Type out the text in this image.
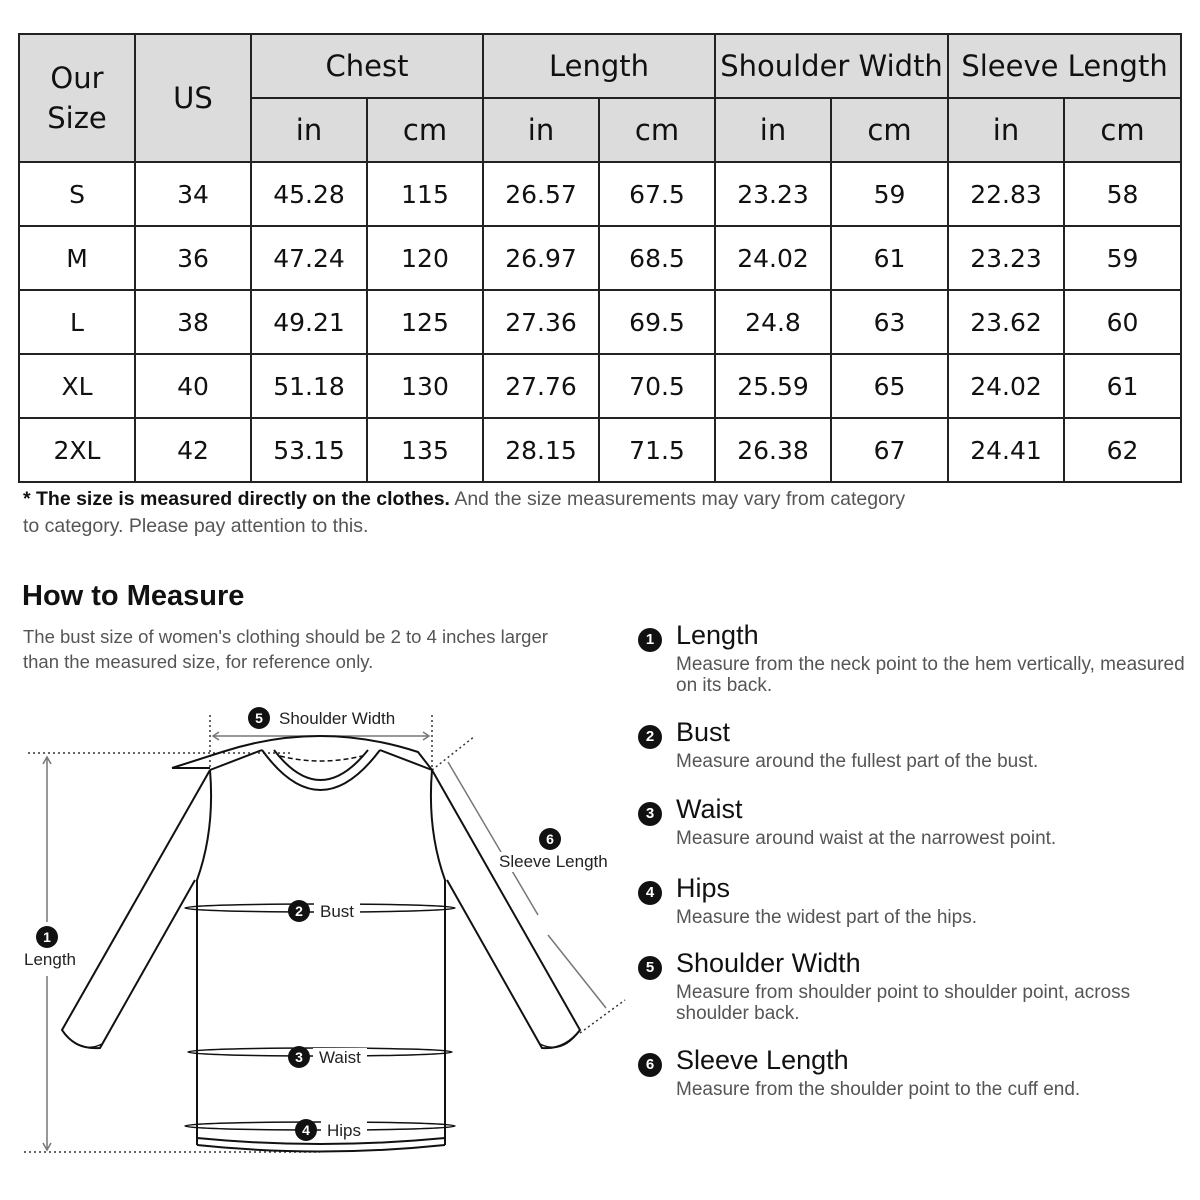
Our
Size	US	Chest		Length		Shoulder Width		Sleeve Length	
		in	cm	in	cm	in	cm	in	cm
S	34	45.28	115	26.57	67.5	23.23	59	22.83	58
M	36	47.24	120	26.97	68.5	24.02	61	23.23	59
L	38	49.21	125	27.36	69.5	24.8	63	23.62	60
XL	40	51.18	130	27.76	70.5	25.59	65	24.02	61
2XL	42	53.15	135	28.15	71.5	26.38	67	24.41	62
* The size is measured directly on the clothes. And the size measurements may vary from category to category. Please pay attention to this.
How to Measure
The bust size of women's clothing should be 2 to 4 inches larger than the measured size, for reference only.
5 Shoulder Width
6
Sleeve Length
2	Bust
1
Length
3 Waist
4	Hips
1 Length
Measure from the neck point to the hem vertically, measured on its back.
2 Bust
Measure around the fullest part of the bust.
3 Waist
Measure around waist at the narrowest point.
4 Hips
Measure the widest part of the hips.
5 Shoulder Width
Measure from shoulder point to shoulder point, across shoulder back.
6 Sleeve Length
Measure from the shoulder point to the cuff end.
